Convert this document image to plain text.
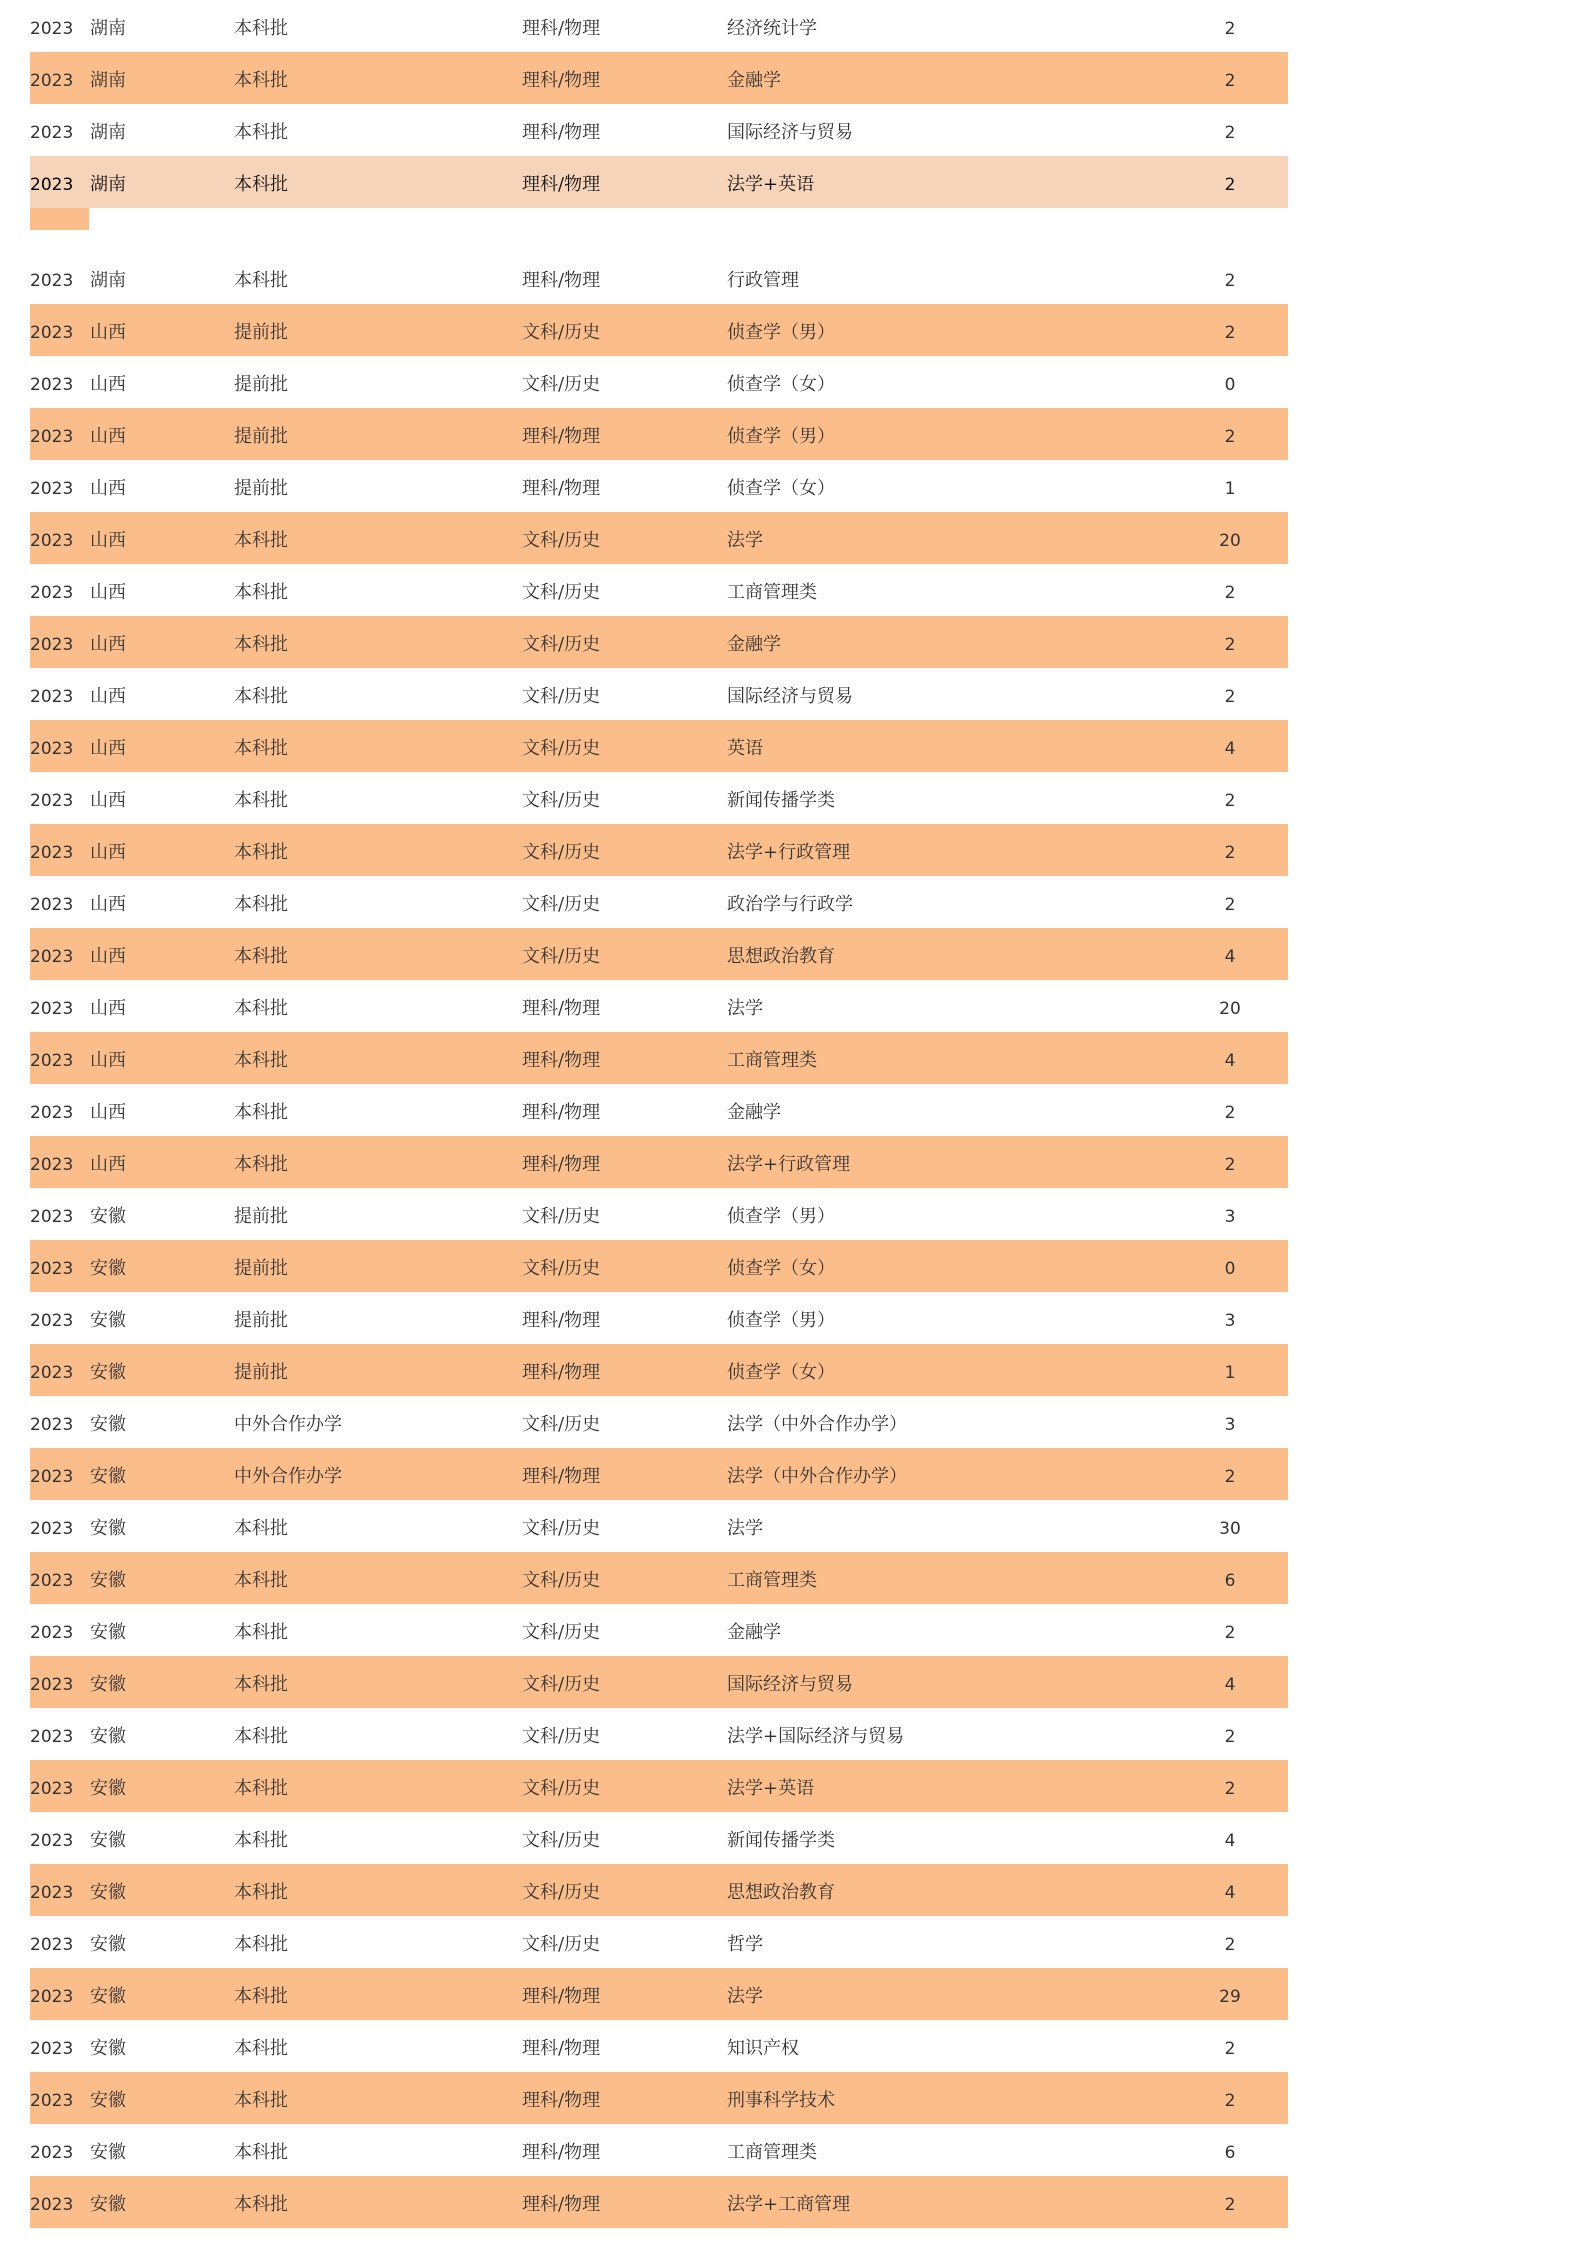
2023 湖南	本科批	理科/物理	经济统计学	2
2023 湖南	本科批	理科/物理	金融学	2
2023 湖南	本科批	理科/物理	国际经济与贸易	2
2023 湖南	本科批	理科/物理	法学+英语	2
2023 湖南	本科批	理科/物理	行政管理	2
2023 山西	提前批	文科/历史	侦查学（男）	2
2023 山西	提前批	文科/历史	侦查学（女）	0
2023 山西	提前批	理科/物理	侦查学（男）	2
2023 山西	提前批	理科/物理	侦查学（女）	1
2023 山西	本科批	文科/历史	法学	20
2023 山西	本科批	文科/历史	工商管理类	2
2023 山西	本科批	文科/历史	金融学	2
2023 山西	本科批	文科/历史	国际经济与贸易	2
2023 山西	本科批	文科/历史	英语	4
2023 山西	本科批	文科/历史	新闻传播学类	2
2023 山西	本科批	文科/历史	法学+行政管理	2
2023 山西	本科批	文科/历史	政治学与行政学	2
2023 山西	本科批	文科/历史	思想政治教育	4
2023 山西	本科批	理科/物理	法学	20
2023 山西	本科批	理科/物理	工商管理类	4
2023 山西	本科批	理科/物理	金融学	2
2023 山西	本科批	理科/物理	法学+行政管理	2
2023 安徽	提前批	文科/历史	侦查学（男）	3
2023 安徽	提前批	文科/历史	侦查学（女）	0
2023 安徽	提前批	理科/物理	侦查学（男）	3
2023 安徽	提前批	理科/物理	侦查学（女）	1
2023 安徽	中外合作办学	文科/历史	法学（中外合作办学）	3
2023 安徽	中外合作办学	理科/物理	法学（中外合作办学）	2
2023 安徽	本科批	文科/历史	法学	30
2023 安徽	本科批	文科/历史	工商管理类	6
2023 安徽	本科批	文科/历史	金融学	2
2023 安徽	本科批	文科/历史	国际经济与贸易	4
2023 安徽	本科批	文科/历史	法学+国际经济与贸易	2
2023 安徽	本科批	文科/历史	法学+英语	2
2023 安徽	本科批	文科/历史	新闻传播学类	4
2023 安徽	本科批	文科/历史	思想政治教育	4
2023 安徽	本科批	文科/历史	哲学	2
2023 安徽	本科批	理科/物理	法学	29
2023 安徽	本科批	理科/物理	知识产权	2
2023 安徽	本科批	理科/物理	刑事科学技术	2
2023 安徽	本科批	理科/物理	工商管理类	6
2023 安徽	本科批	理科/物理	法学+工商管理	2
